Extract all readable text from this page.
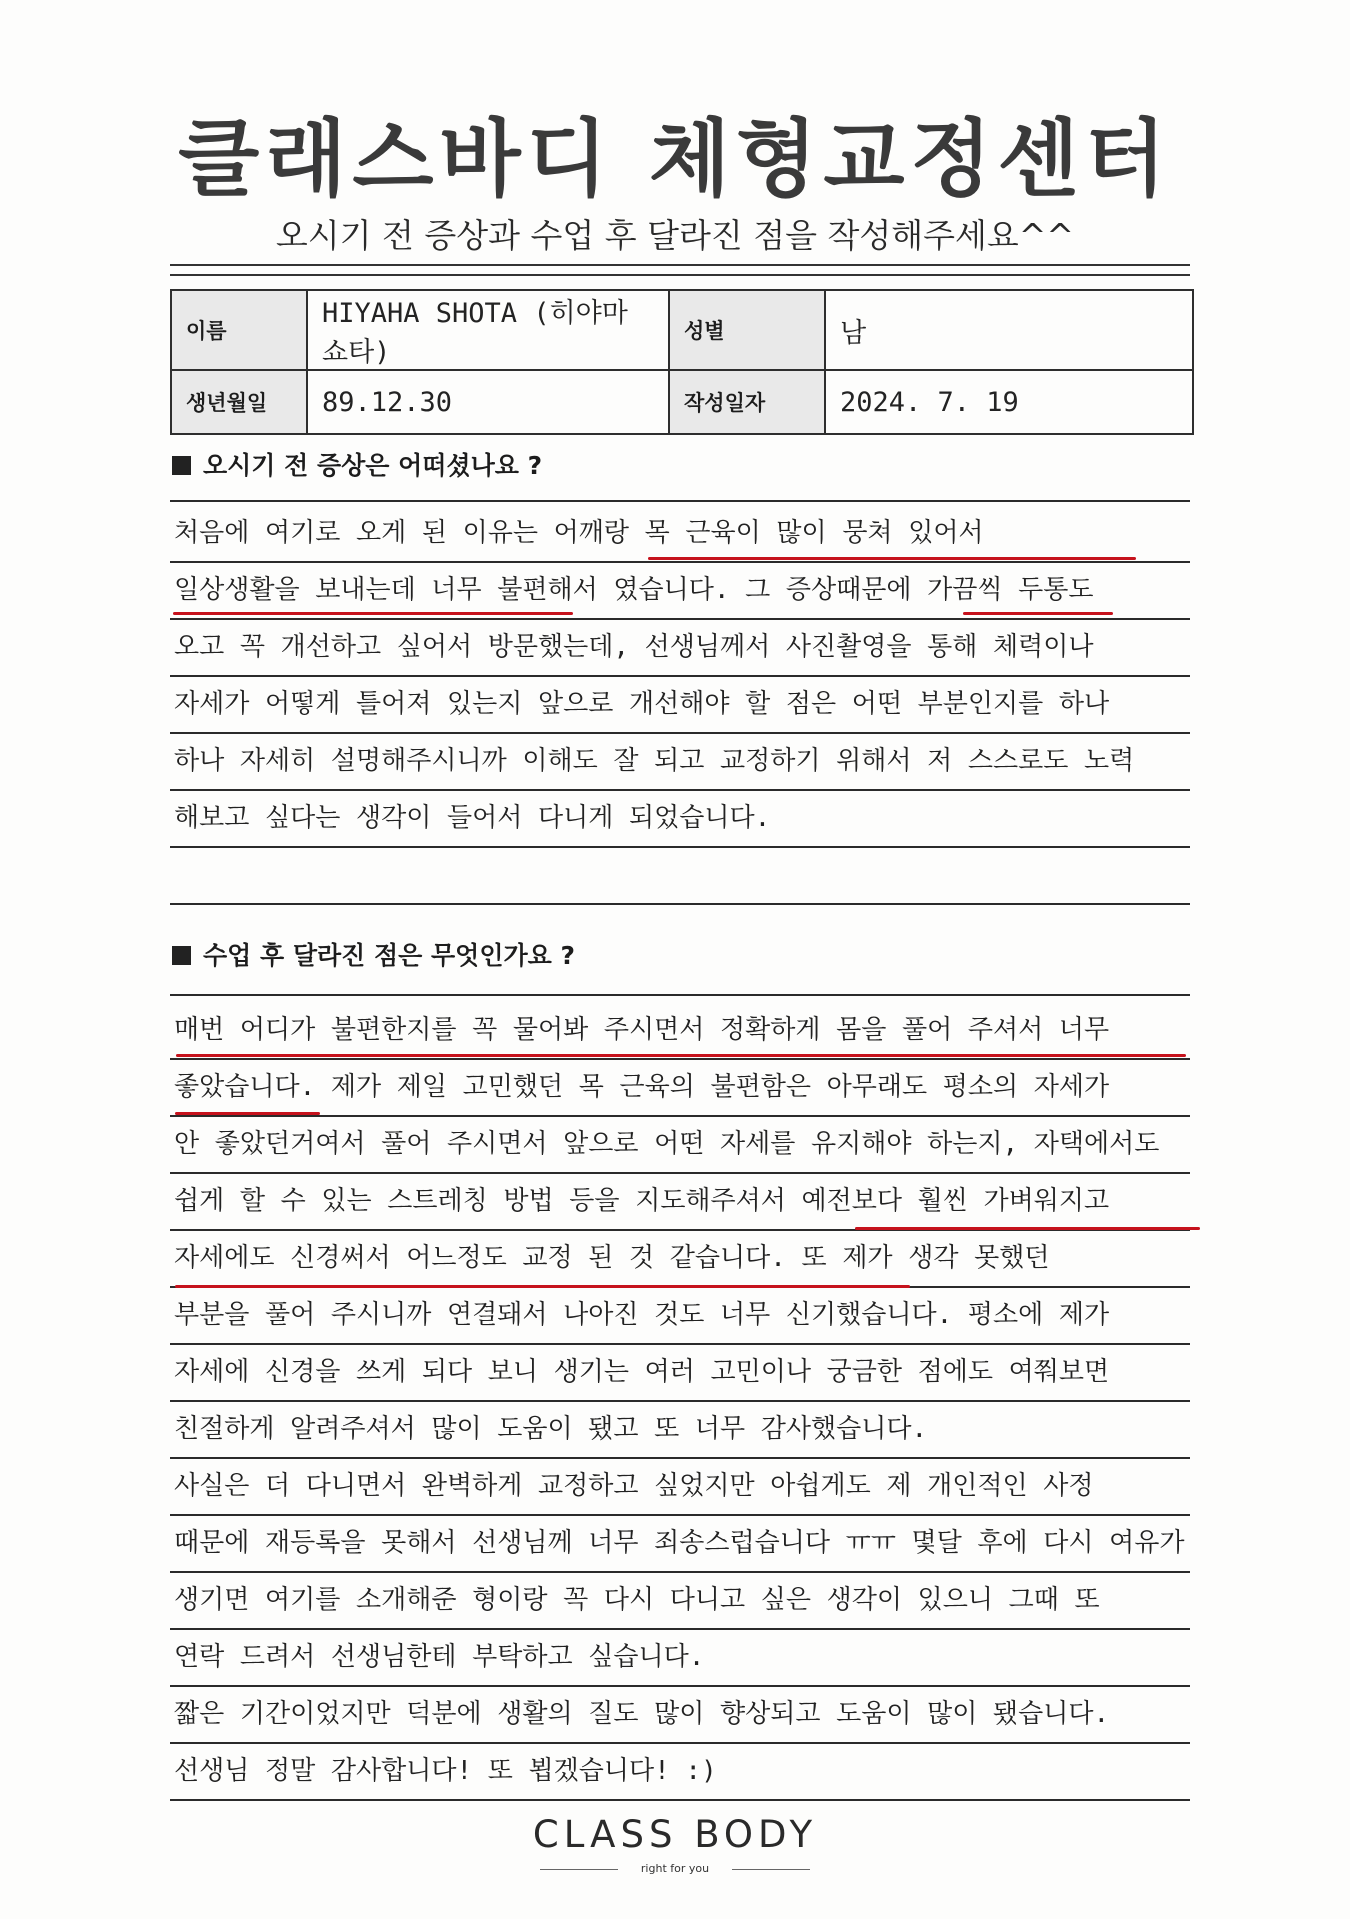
클래스바디 체형교정센터
오시기 전 증상과 수업 후 달라진 점을 작성해주세요^^
이름	HIYAHA SHOTA (히야마 쇼타)	성별	남
생년월일	89.12.30	작성일자	2024. 7. 19
오시기 전 증상은 어떠셨나요 ?
처음에 여기로 오게 된 이유는 어깨랑 목 근육이 많이 뭉쳐 있어서
일상생활을 보내는데 너무 불편해서 였습니다. 그 증상때문에 가끔씩 두통도
오고 꼭 개선하고 싶어서 방문했는데, 선생님께서 사진촬영을 통해 체력이나
자세가 어떻게 틀어져 있는지 앞으로 개선해야 할 점은 어떤 부분인지를 하나
하나 자세히 설명해주시니까 이해도 잘 되고 교정하기 위해서 저 스스로도 노력
해보고 싶다는 생각이 들어서 다니게 되었습니다.
수업 후 달라진 점은 무엇인가요 ?
매번 어디가 불편한지를 꼭 물어봐 주시면서 정확하게 몸을 풀어 주셔서 너무
좋았습니다. 제가 제일 고민했던 목 근육의 불편함은 아무래도 평소의 자세가
안 좋았던거여서 풀어 주시면서 앞으로 어떤 자세를 유지해야 하는지, 자택에서도
쉽게 할 수 있는 스트레칭 방법 등을 지도해주셔서 예전보다 훨씬 가벼워지고
자세에도 신경써서 어느정도 교정 된 것 같습니다. 또 제가 생각 못했던
부분을 풀어 주시니까 연결돼서 나아진 것도 너무 신기했습니다. 평소에 제가
자세에 신경을 쓰게 되다 보니 생기는 여러 고민이나 궁금한 점에도 여쭤보면
친절하게 알려주셔서 많이 도움이 됐고 또 너무 감사했습니다.
사실은 더 다니면서 완벽하게 교정하고 싶었지만 아쉽게도 제 개인적인 사정
때문에 재등록을 못해서 선생님께 너무 죄송스럽습니다 ㅠㅠ 몇달 후에 다시 여유가
생기면 여기를 소개해준 형이랑 꼭 다시 다니고 싶은 생각이 있으니 그때 또
연락 드려서 선생님한테 부탁하고 싶습니다.
짧은 기간이었지만 덕분에 생활의 질도 많이 향상되고 도움이 많이 됐습니다.
선생님 정말 감사합니다! 또 뵙겠습니다! :)
CLASS BODY
right for you
